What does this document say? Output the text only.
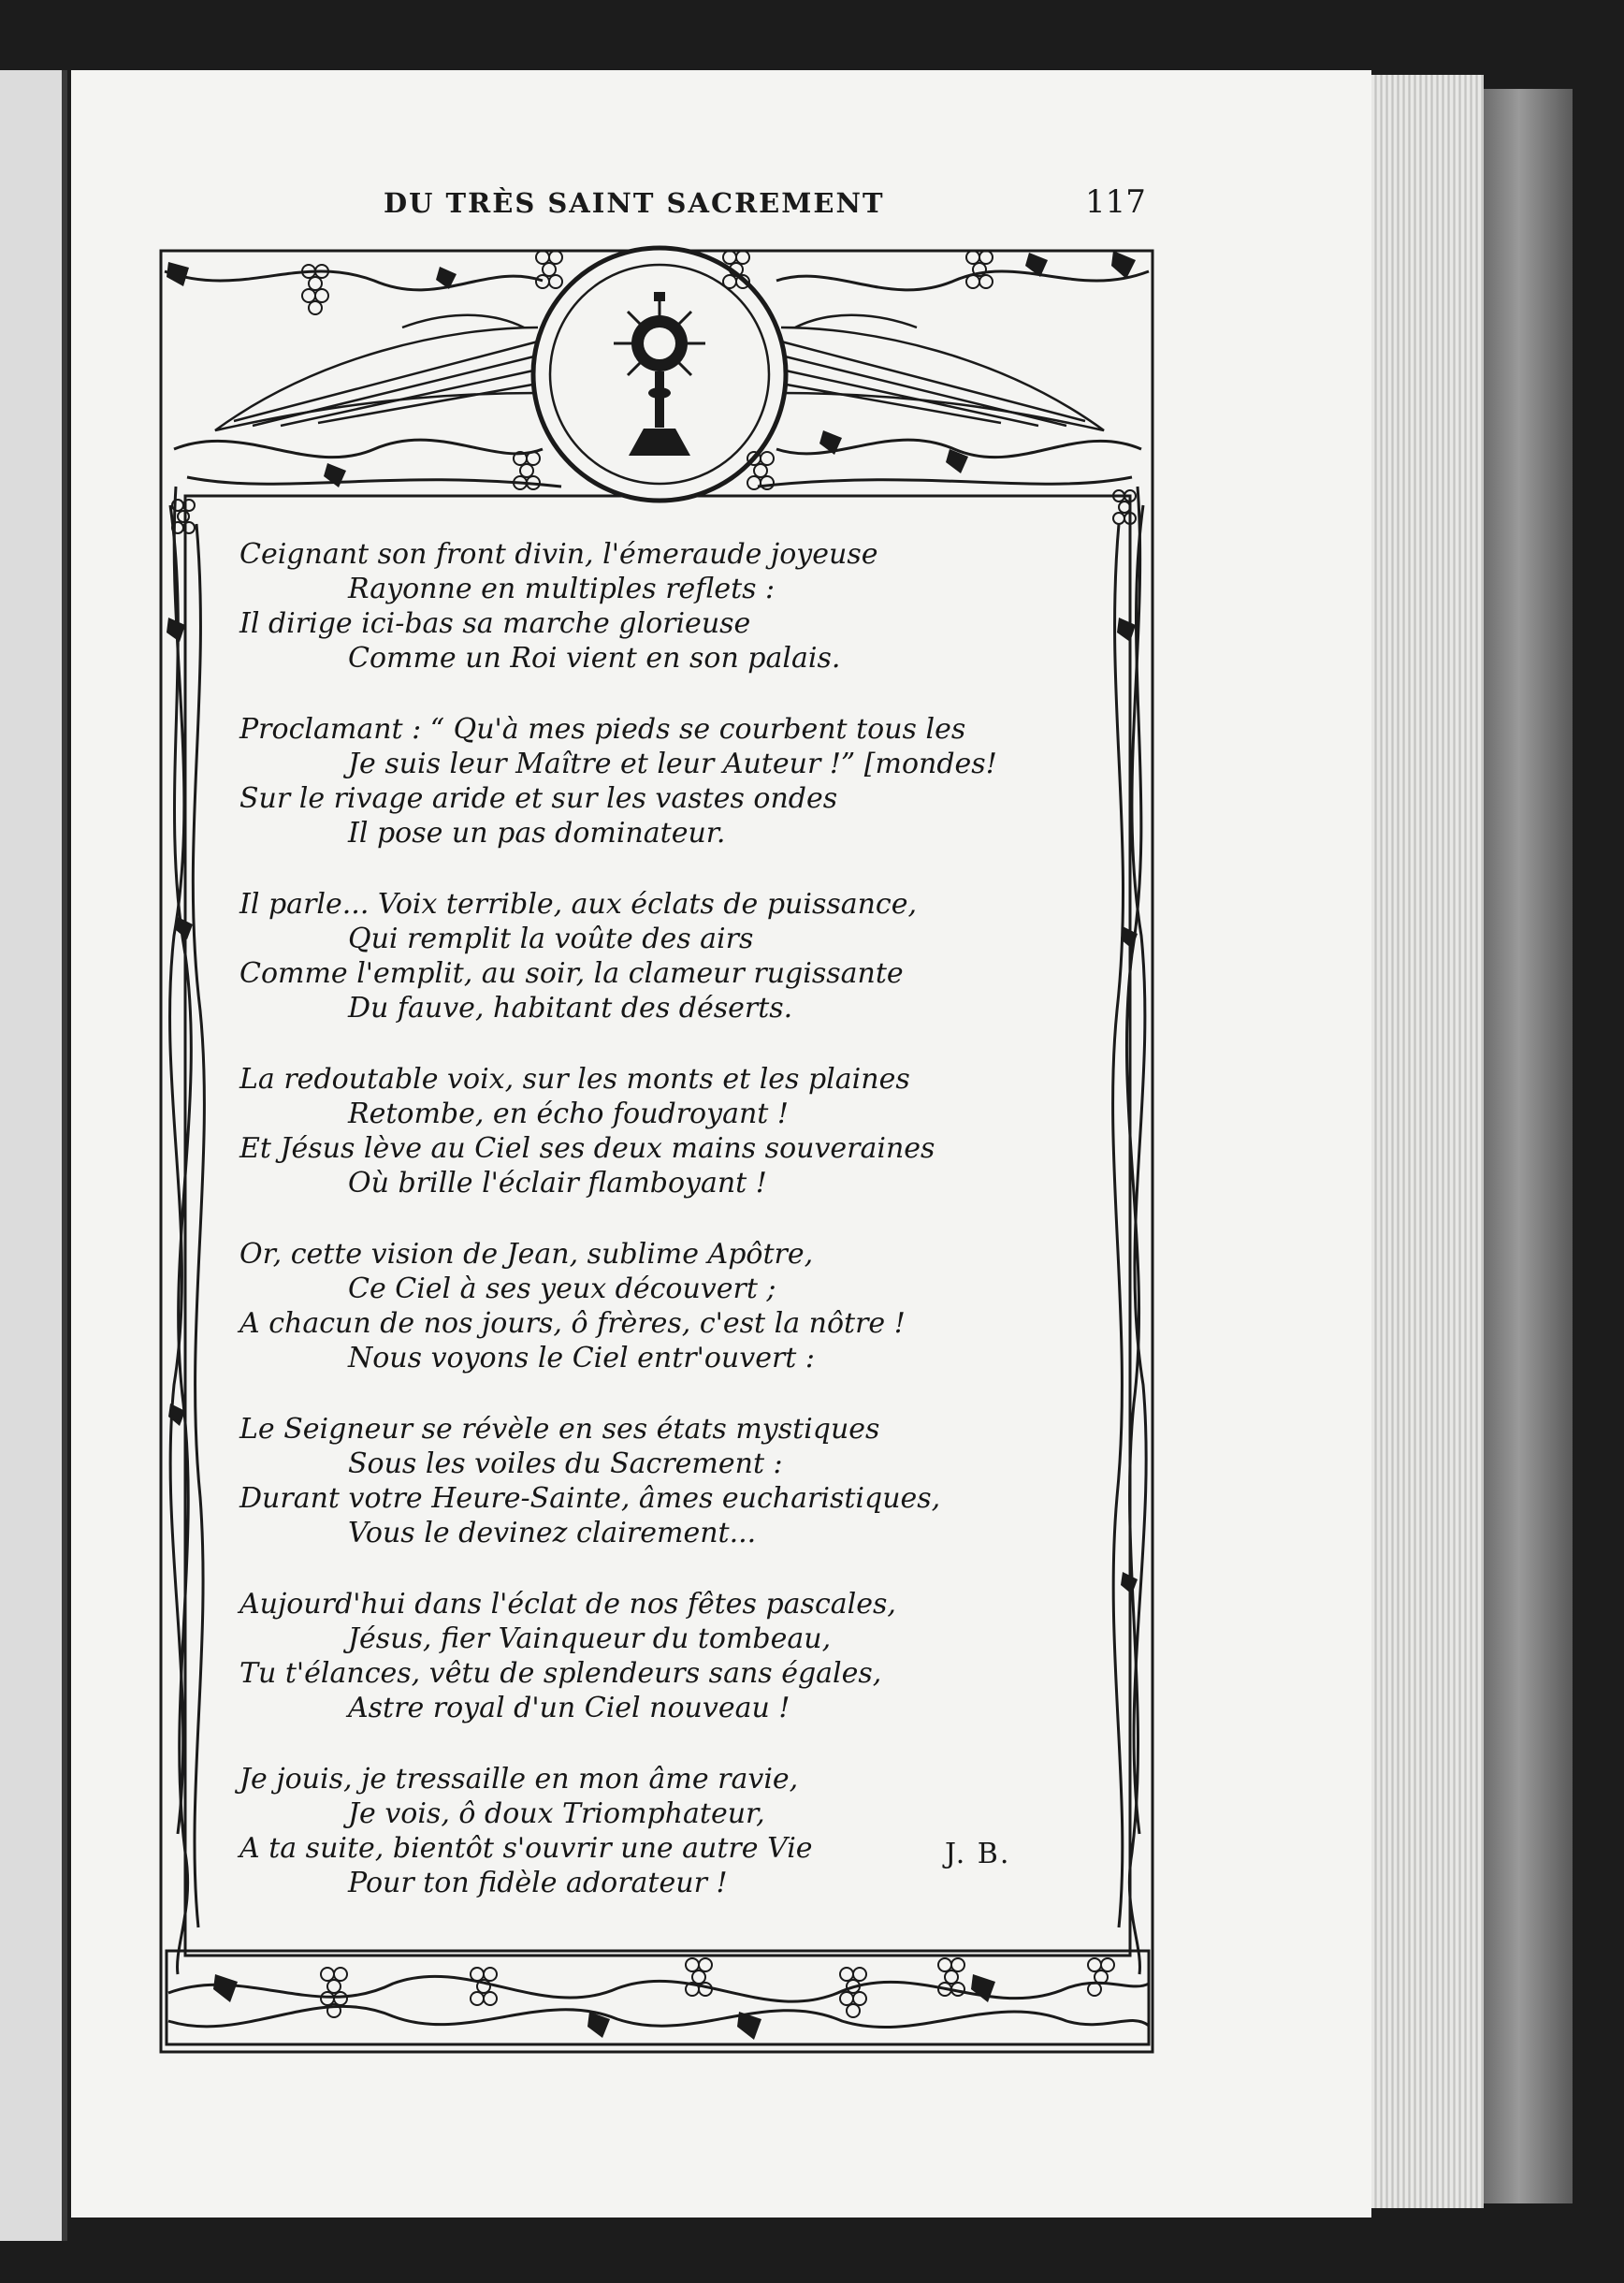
DU TRÈS SAINT SACREMENT	117
Ceignant son front divin, l'émeraude joyeuse
Rayonne en multiples reflets :
Il dirige ici-bas sa marche glorieuse
Comme un Roi vient en son palais.
Proclamant : “ Qu'à mes pieds se courbent tous les
Je suis leur Maître et leur Auteur !” [mondes!
Sur le rivage aride et sur les vastes ondes
Il pose un pas dominateur.
Il parle... Voix terrible, aux éclats de puissance,
Qui remplit la voûte des airs
Comme l'emplit, au soir, la clameur rugissante
Du fauve, habitant des déserts.
La redoutable voix, sur les monts et les plaines
Retombe, en écho foudroyant !
Et Jésus lève au Ciel ses deux mains souveraines
Où brille l'éclair flamboyant !
Or, cette vision de Jean, sublime Apôtre,
Ce Ciel à ses yeux découvert ;
A chacun de nos jours, ô frères, c'est la nôtre !
Nous voyons le Ciel entr'ouvert :
Le Seigneur se révèle en ses états mystiques
Sous les voiles du Sacrement :
Durant votre Heure-Sainte, âmes eucharistiques,
Vous le devinez clairement...
Aujourd'hui dans l'éclat de nos fêtes pascales,
Jésus, fier Vainqueur du tombeau,
Tu t'élances, vêtu de splendeurs sans égales,
Astre royal d'un Ciel nouveau !
Je jouis, je tressaille en mon âme ravie,
Je vois, ô doux Triomphateur,
A ta suite, bientôt s'ouvrir une autre Vie
Pour ton fidèle adorateur !
J. B.
